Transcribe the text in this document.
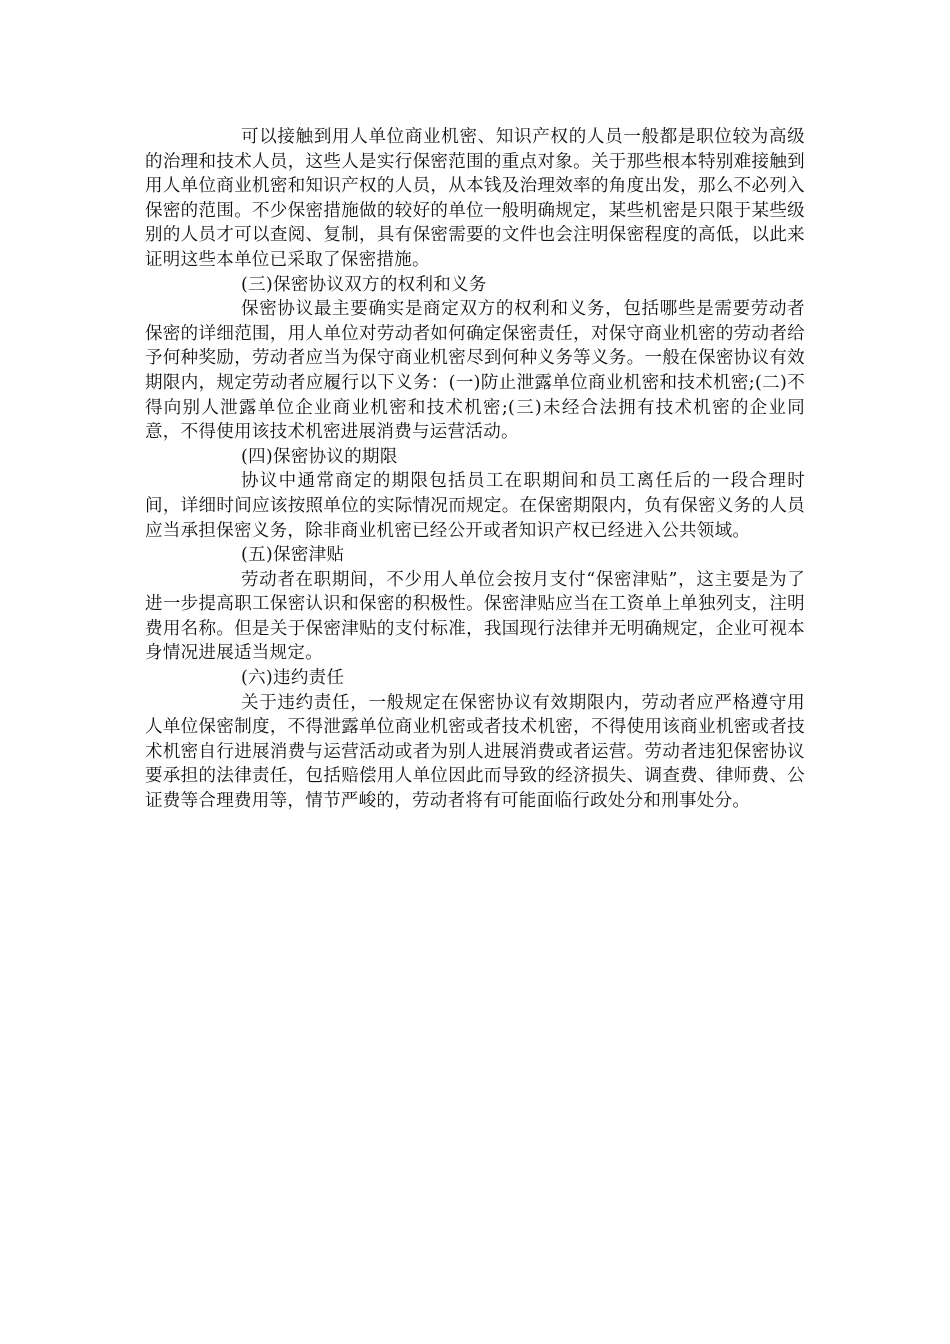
可以接触到用人单位商业机密、知识产权的人员一般都是职位较为高级的治理和技术人员，这些人是实行保密范围的重点对象。关于那些根本特别难接触到用人单位商业机密和知识产权的人员，从本钱及治理效率的角度出发，那么不必列入保密的范围。不少保密措施做的较好的单位一般明确规定，某些机密是只限于某些级别的人员才可以查阅、复制，具有保密需要的文件也会注明保密程度的高低，以此来证明这些本单位已采取了保密措施。

(三)保密协议双方的权利和义务

保密协议最主要确实是商定双方的权利和义务，包括哪些是需要劳动者保密的详细范围，用人单位对劳动者如何确定保密责任，对保守商业机密的劳动者给予何种奖励，劳动者应当为保守商业机密尽到何种义务等义务。一般在保密协议有效期限内，规定劳动者应履行以下义务：(一)防止泄露单位商业机密和技术机密;(二)不得向别人泄露单位企业商业机密和技术机密;(三)未经合法拥有技术机密的企业同意，不得使用该技术机密进展消费与运营活动。

(四)保密协议的期限

协议中通常商定的期限包括员工在职期间和员工离任后的一段合理时间，详细时间应该按照单位的实际情况而规定。在保密期限内，负有保密义务的人员应当承担保密义务，除非商业机密已经公开或者知识产权已经进入公共领域。

(五)保密津贴

劳动者在职期间，不少用人单位会按月支付“保密津贴”，这主要是为了进一步提高职工保密认识和保密的积极性。保密津贴应当在工资单上单独列支，注明费用名称。但是关于保密津贴的支付标准，我国现行法律并无明确规定，企业可视本身情况进展适当规定。

(六)违约责任

关于违约责任，一般规定在保密协议有效期限内，劳动者应严格遵守用人单位保密制度，不得泄露单位商业机密或者技术机密，不得使用该商业机密或者技术机密自行进展消费与运营活动或者为别人进展消费或者运营。劳动者违犯保密协议要承担的法律责任，包括赔偿用人单位因此而导致的经济损失、调查费、律师费、公证费等合理费用等，情节严峻的，劳动者将有可能面临行政处分和刑事处分。
